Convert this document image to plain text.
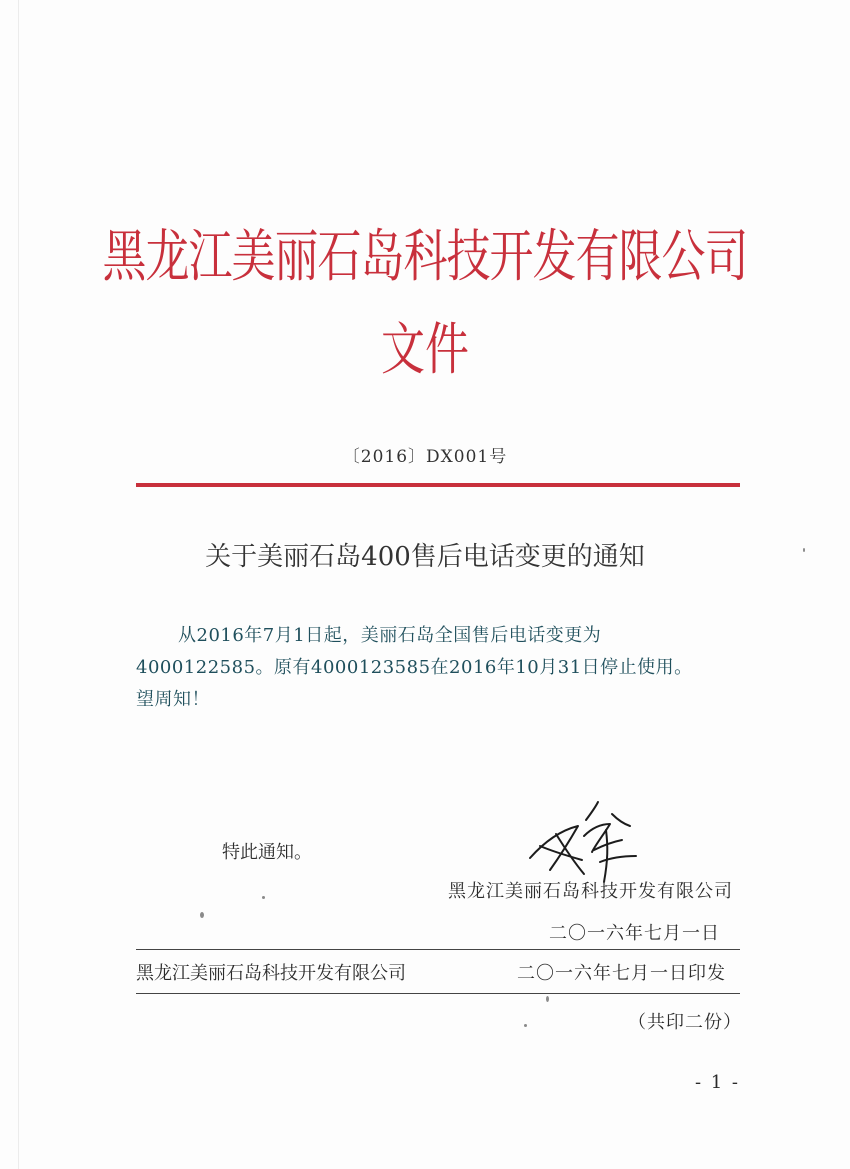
黑龙江美丽石岛科技开发有限公司
文件
〔2016〕DX001号
关于美丽石岛400售后电话变更的通知

从2016年7月1日起，美丽石岛全国售后电话变更为

4000122585。原有4000123585在2016年10月31日停止使用。

望周知！

特此通知。
黑龙江美丽石岛科技开发有限公司
二〇一六年七月一日
黑龙江美丽石岛科技开发有限公司	二〇一六年七月一日印发
（共印二份）
- 1 -
